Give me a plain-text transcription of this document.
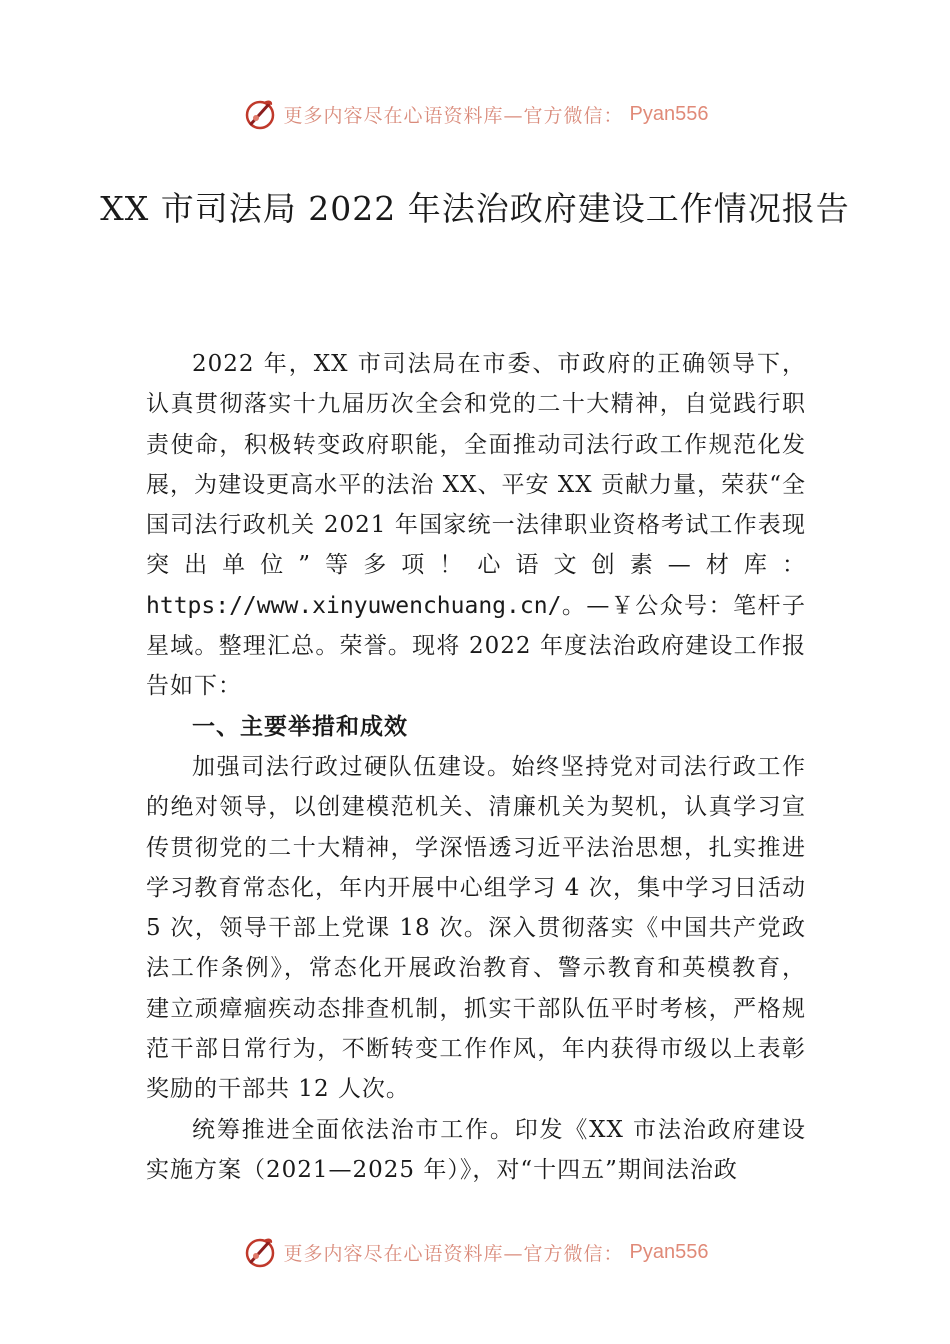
更多内容尽在心语资料库—官方微信： Pyan556
XX 市司法局 2022 年法治政府建设工作情况报告

2022 年，XX 市司法局在市委、市政府的正确领导下，认真贯彻落实十九届历次全会和党的二十大精神，自觉践行职责使命，积极转变政府职能，全面推动司法行政工作规范化发展，为建设更高水平的法治 XX、平安 XX 贡献力量，荣获“全国司法行政机关 2021 年国家统一法律职业资格考试工作表现突出单位”等多项！心语文创素—材库：https://www.xinyuwenchuang.cn/。—￥公众号：笔杆子星域。整理汇总。荣誉。现将 2022 年度法治政府建设工作报告如下：

一、主要举措和成效

加强司法行政过硬队伍建设。始终坚持党对司法行政工作的绝对领导，以创建模范机关、清廉机关为契机，认真学习宣传贯彻党的二十大精神，学深悟透习近平法治思想，扎实推进学习教育常态化，年内开展中心组学习 4 次，集中学习日活动 5 次，领导干部上党课 18 次。深入贯彻落实《中国共产党政法工作条例》，常态化开展政治教育、警示教育和英模教育，建立顽瘴痼疾动态排查机制，抓实干部队伍平时考核，严格规范干部日常行为，不断转变工作作风，年内获得市级以上表彰奖励的干部共 12 人次。

统筹推进全面依法治市工作。印发《XX 市法治政府建设实施方案（2021—2025 年）》，对“十四五”期间法治政

更多内容尽在心语资料库—官方微信： Pyan556
